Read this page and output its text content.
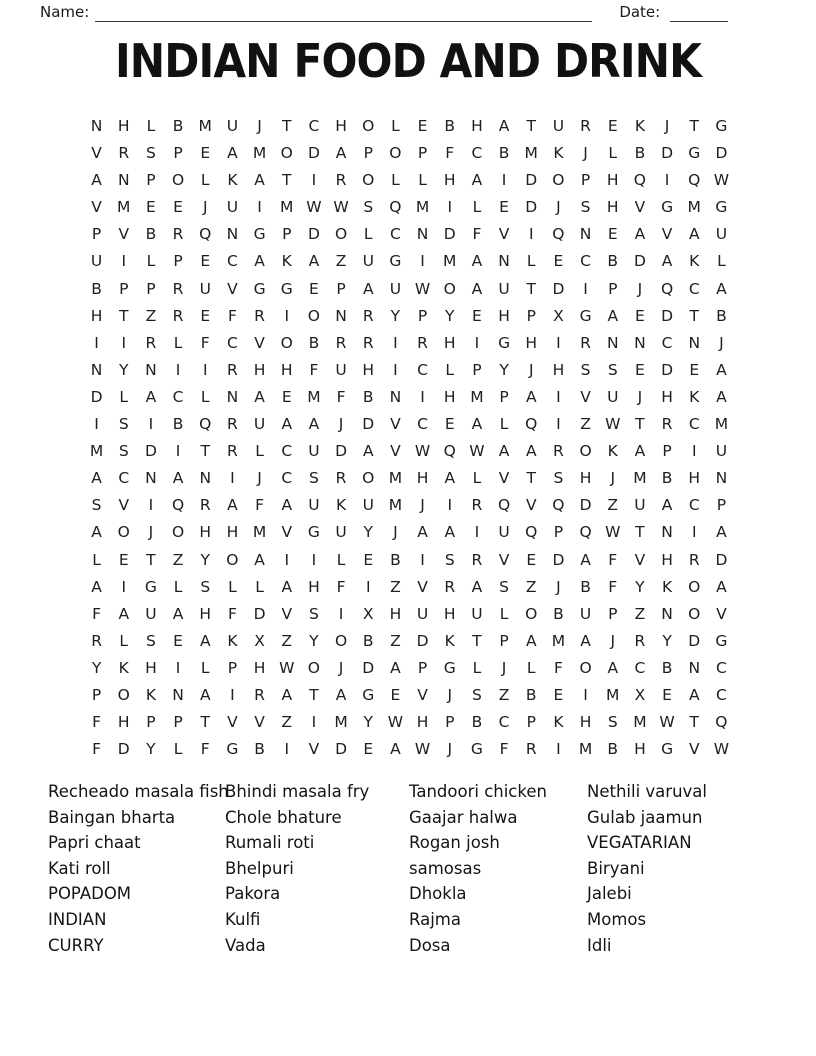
Name:	Date:
INDIAN FOOD AND DRINK
N	H	L	B M U	J	T	C	H O	L	E	B	H	A	T	U	R	E	K	J	T	G
V	R	S	P	E	A M O D	A	P	O	P	F	C	B M K	J	L	B	D G D
A	N	P	O	L	K	A	T	I	R	O	L	L	H	A	I	D O	P	H Q	I	Q W
V M	E	E	J	U	I	M W W S	Q M	I	L	E	D	J	S	H	V	G M G
P	V	B	R	Q N G	P	D O	L	C	N D	F	V	I	Q N	E	A	V	A	U
U	I	L	P	E	C	A	K	A	Z	U G	I	M A	N	L	E	C	B	D	A	K	L
B	P	P	R	U	V	G G	E	P	A	U W O	A	U	T	D	I	P	J	Q	C	A
H	T	Z	R	E	F	R	I	O N	R	Y	P	Y	E	H	P	X	G	A	E	D	T	B
I	I	R	L	F	C	V	O	B	R	R	I	R	H	I	G H	I	R	N	N	C	N	J
N	Y	N	I	I	R	H	H	F	U	H	I	C	L	P	Y	J	H	S	S	E	D	E	A
D	L	A	C	L	N	A	E	M	F	B	N	I	H M	P	A	I	V	U	J	H	K	A
I	S	I	B	Q	R	U	A	A	J	D	V	C	E	A	L	Q	I	Z W T	R	C M
M	S	D	I	T	R	L	C	U	D	A	V W Q W A	A	R	O	K	A	P	I	U
A	C	N	A	N	I	J	C	S	R	O M H	A	L	V	T	S	H	J	M B	H	N
S	V	I	Q	R	A	F	A	U	K	U M	J	I	R	Q	V	Q D	Z	U	A	C	P
A	O	J	O H	H M V	G U	Y	J	A	A	I	U Q	P	Q W T	N	I	A
L	E	T	Z	Y	O	A	I	I	L	E	B	I	S	R	V	E	D	A	F	V	H	R	D
A	I	G	L	S	L	L	A	H	F	I	Z	V	R	A	S	Z	J	B	F	Y	K	O	A
F	A	U	A	H	F	D	V	S	I	X	H	U	H	U	L	O	B	U	P	Z	N O	V
R	L	S	E	A	K	X	Z	Y	O	B	Z	D	K	T	P	A M A	J	R	Y	D G
Y	K	H	I	L	P	H W O	J	D	A	P	G	L	J	L	F	O	A	C	B	N	C
P	O	K	N	A	I	R	A	T	A	G	E	V	J	S	Z	B	E	I	M X	E	A	C
F	H	P	P	T	V	V	Z	I	M	Y W H	P	B	C	P	K	H	S	M W T	Q
F	D	Y	L	F	G	B	I	V	D	E	A W	J	G	F	R	I	M B	H G	V W
Recheado masala fish
Baingan bharta
Papri chaat
Kati roll
POPADOM
INDIAN
CURRY
Bhindi masala fry
Chole bhature
Rumali roti
Bhelpuri
Pakora
Kulfi
Vada
Tandoori chicken
Gaajar halwa
Rogan josh
samosas
Dhokla
Rajma
Dosa
Nethili varuval
Gulab jaamun
VEGATARIAN
Biryani
Jalebi
Momos
Idli
